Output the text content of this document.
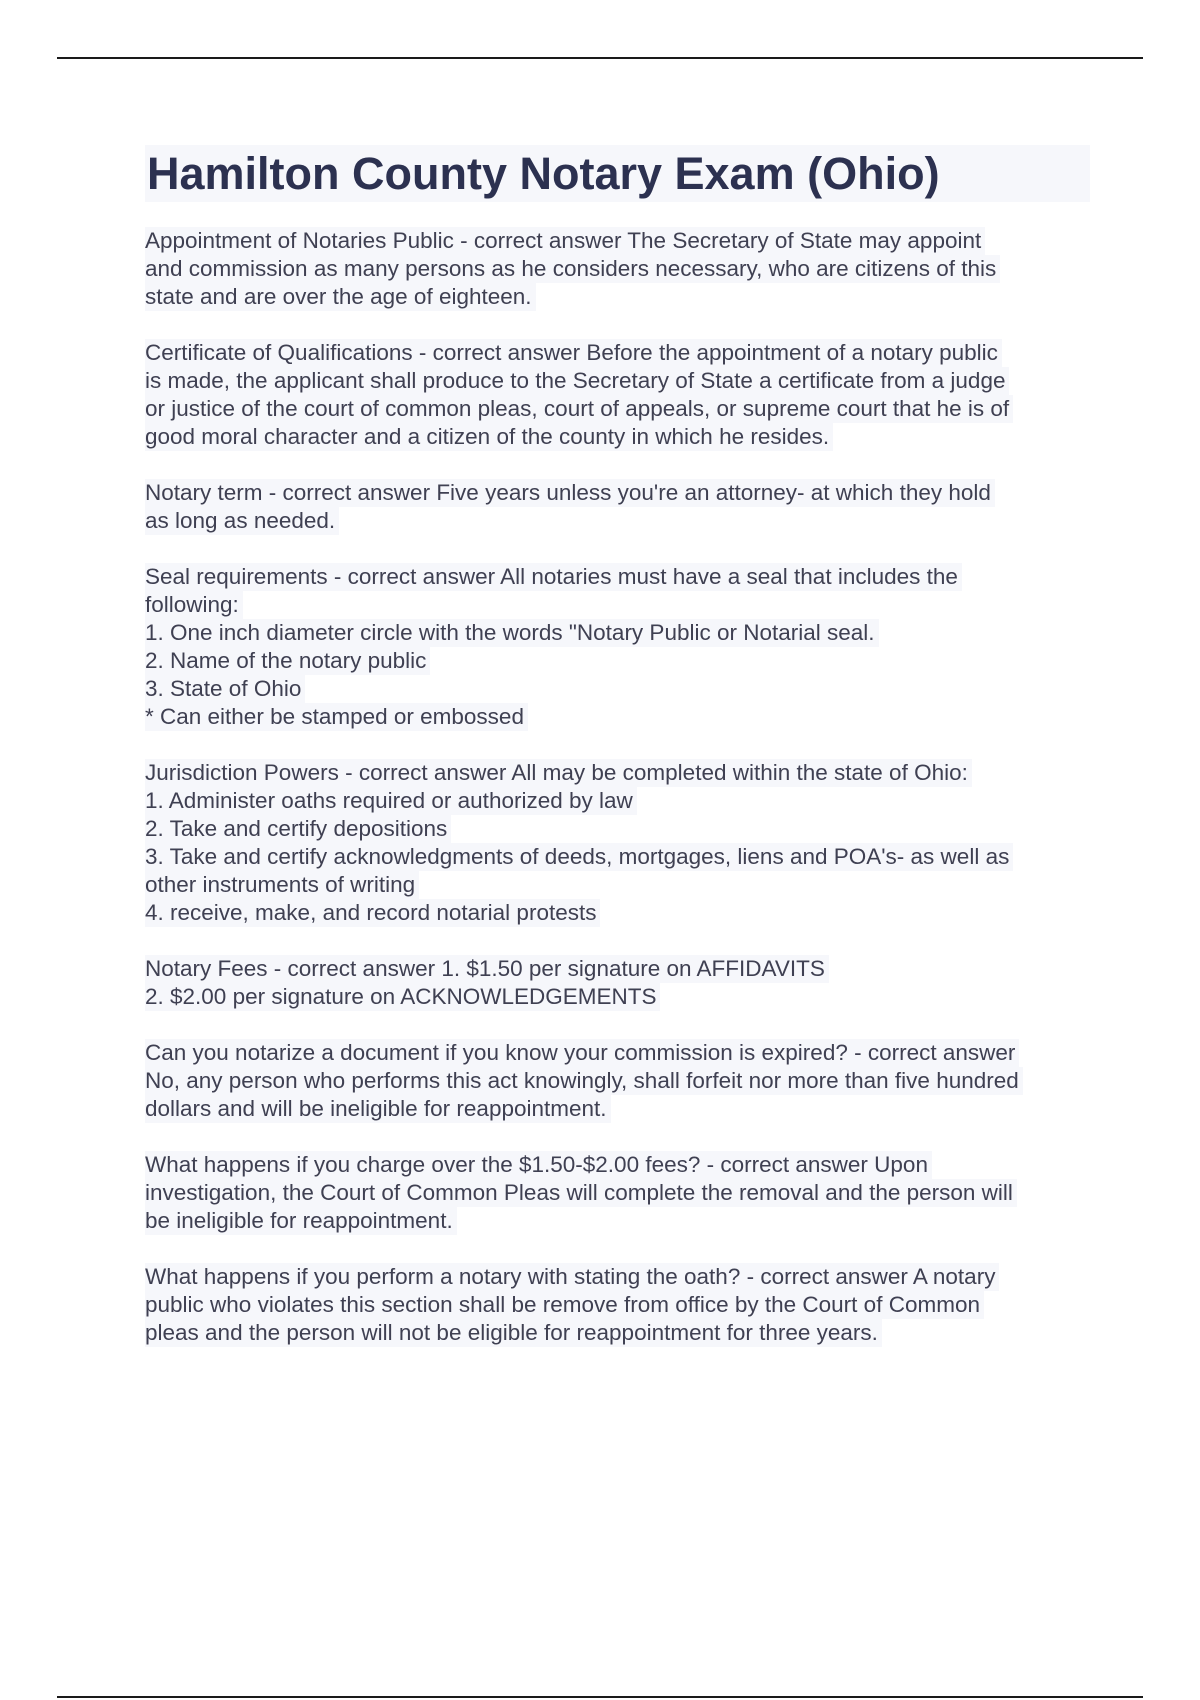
Hamilton County Notary Exam (Ohio)
Appointment of Notaries Public - correct answer The Secretary of State may appoint
and commission as many persons as he considers necessary, who are citizens of this
state and are over the age of eighteen.

Certificate of Qualifications - correct answer Before the appointment of a notary public
is made, the applicant shall produce to the Secretary of State a certificate from a judge
or justice of the court of common pleas, court of appeals, or supreme court that he is of
good moral character and a citizen of the county in which he resides.

Notary term - correct answer Five years unless you're an attorney- at which they hold
as long as needed.

Seal requirements - correct answer All notaries must have a seal that includes the
following:
1. One inch diameter circle with the words "Notary Public or Notarial seal.
2. Name of the notary public
3. State of Ohio
* Can either be stamped or embossed

Jurisdiction Powers - correct answer All may be completed within the state of Ohio:
1. Administer oaths required or authorized by law
2. Take and certify depositions
3. Take and certify acknowledgments of deeds, mortgages, liens and POA's- as well as
other instruments of writing
4. receive, make, and record notarial protests

Notary Fees - correct answer 1. $1.50 per signature on AFFIDAVITS
2. $2.00 per signature on ACKNOWLEDGEMENTS

Can you notarize a document if you know your commission is expired? - correct answer
No, any person who performs this act knowingly, shall forfeit nor more than five hundred
dollars and will be ineligible for reappointment.

What happens if you charge over the $1.50-$2.00 fees? - correct answer Upon
investigation, the Court of Common Pleas will complete the removal and the person will
be ineligible for reappointment.

What happens if you perform a notary with stating the oath? - correct answer A notary
public who violates this section shall be remove from office by the Court of Common
pleas and the person will not be eligible for reappointment for three years.
